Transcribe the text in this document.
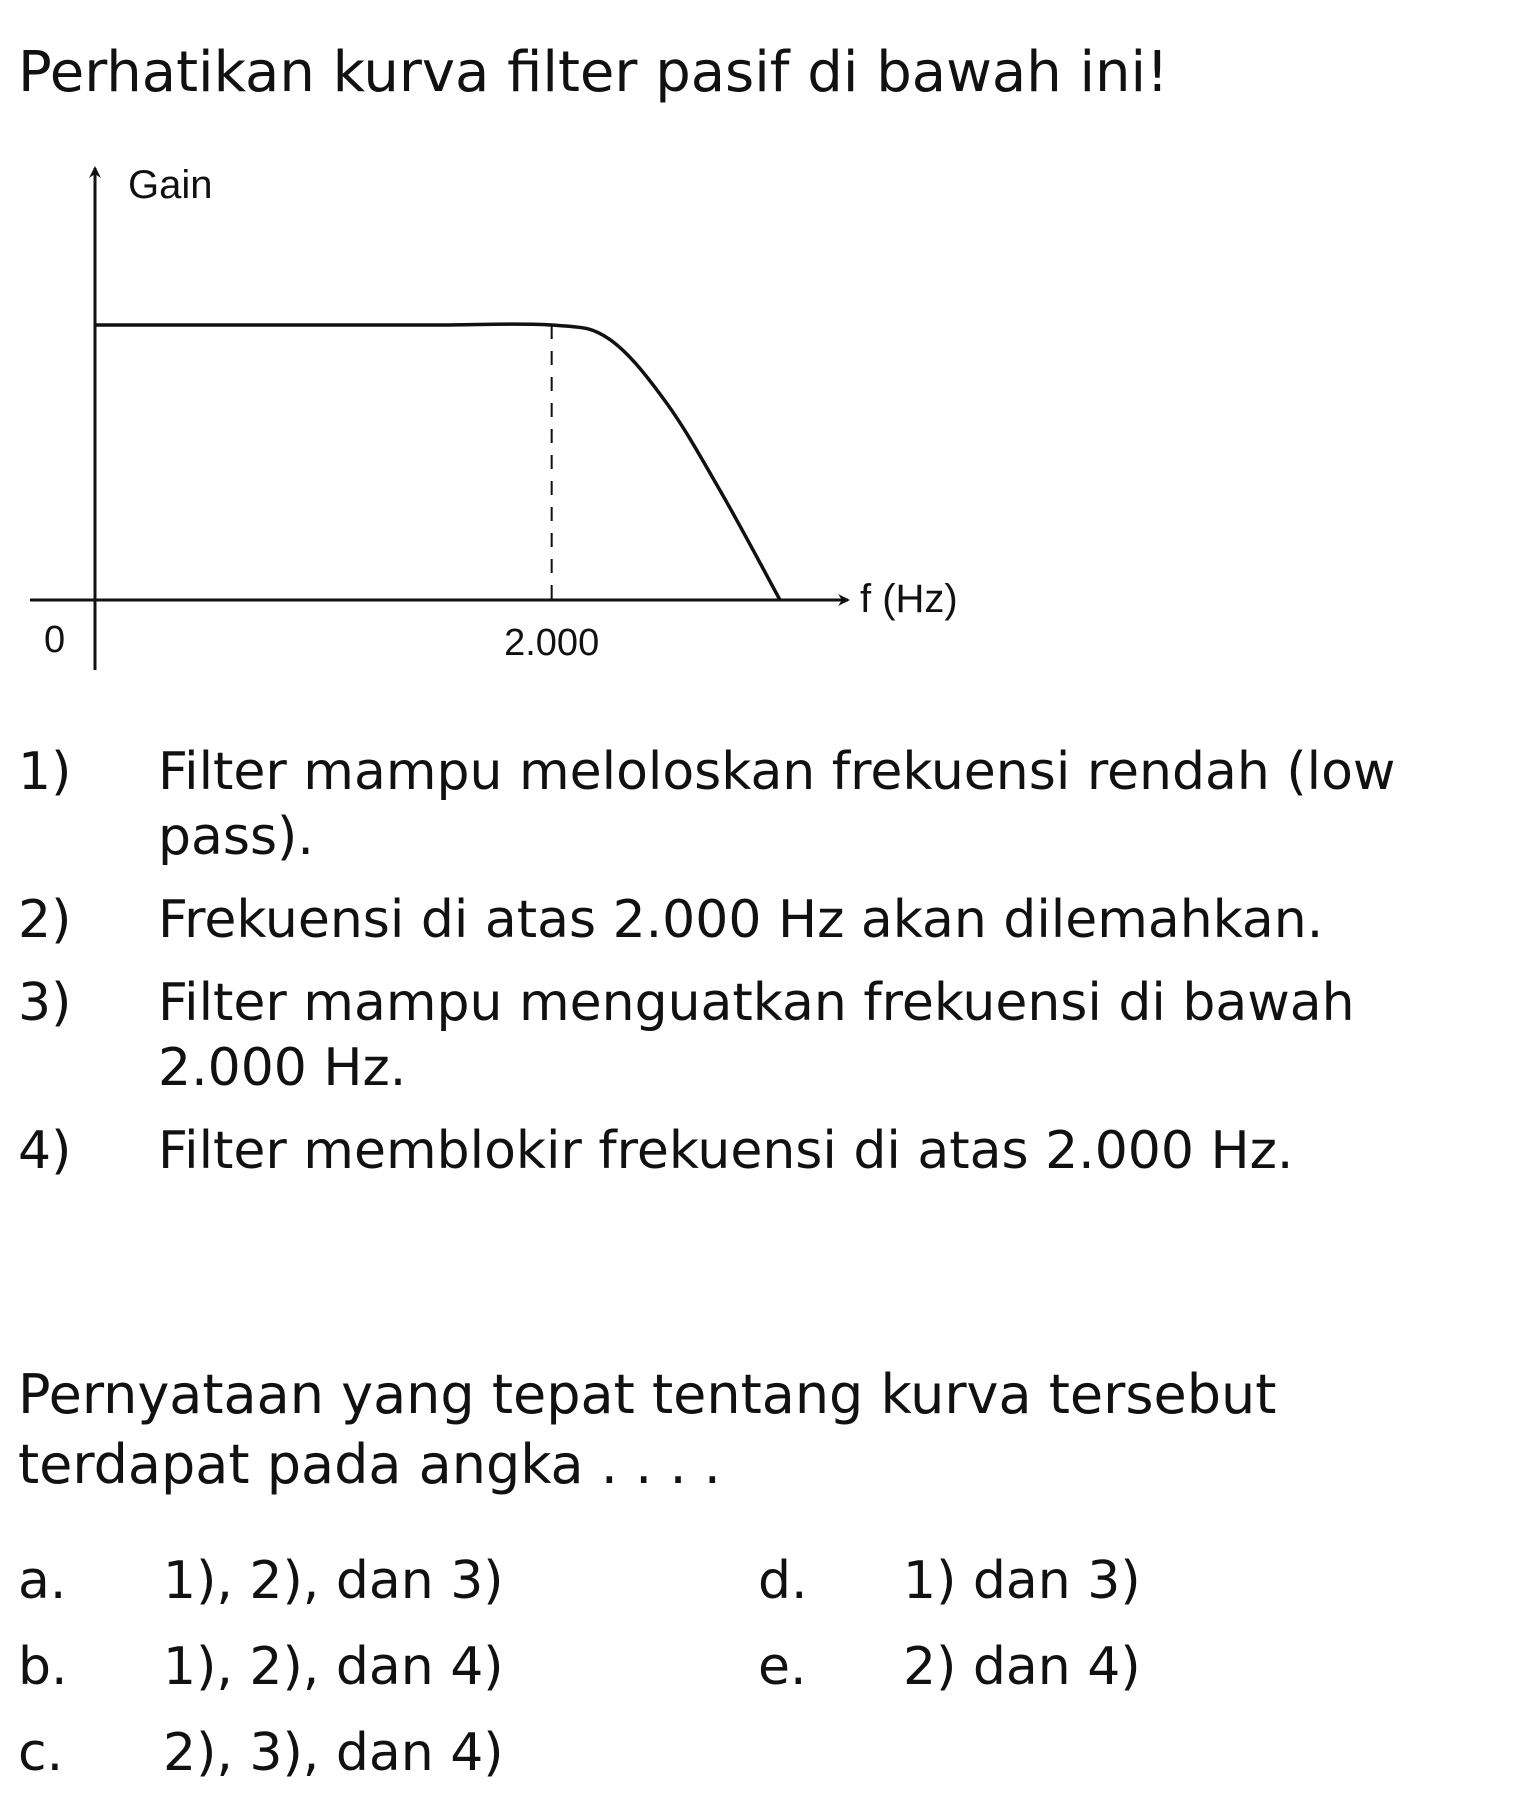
Perhatikan kurva filter pasif di bawah ini!
Gain
f (Hz)
0	2.000
1)	Filter mampu meloloskan frekuensi rendah (low pass).
2)	Frekuensi di atas 2.000 Hz akan dilemahkan.
3)	Filter mampu menguatkan frekuensi di bawah 2.000 Hz.
4)	Filter memblokir frekuensi di atas 2.000 Hz.
Pernyataan yang tepat tentang kurva tersebut terdapat pada angka . . . .
a.	1), 2), dan 3)	d.	1) dan 3)
b.	1), 2), dan 4)	e.	2) dan 4)
c.	2), 3), dan 4)
